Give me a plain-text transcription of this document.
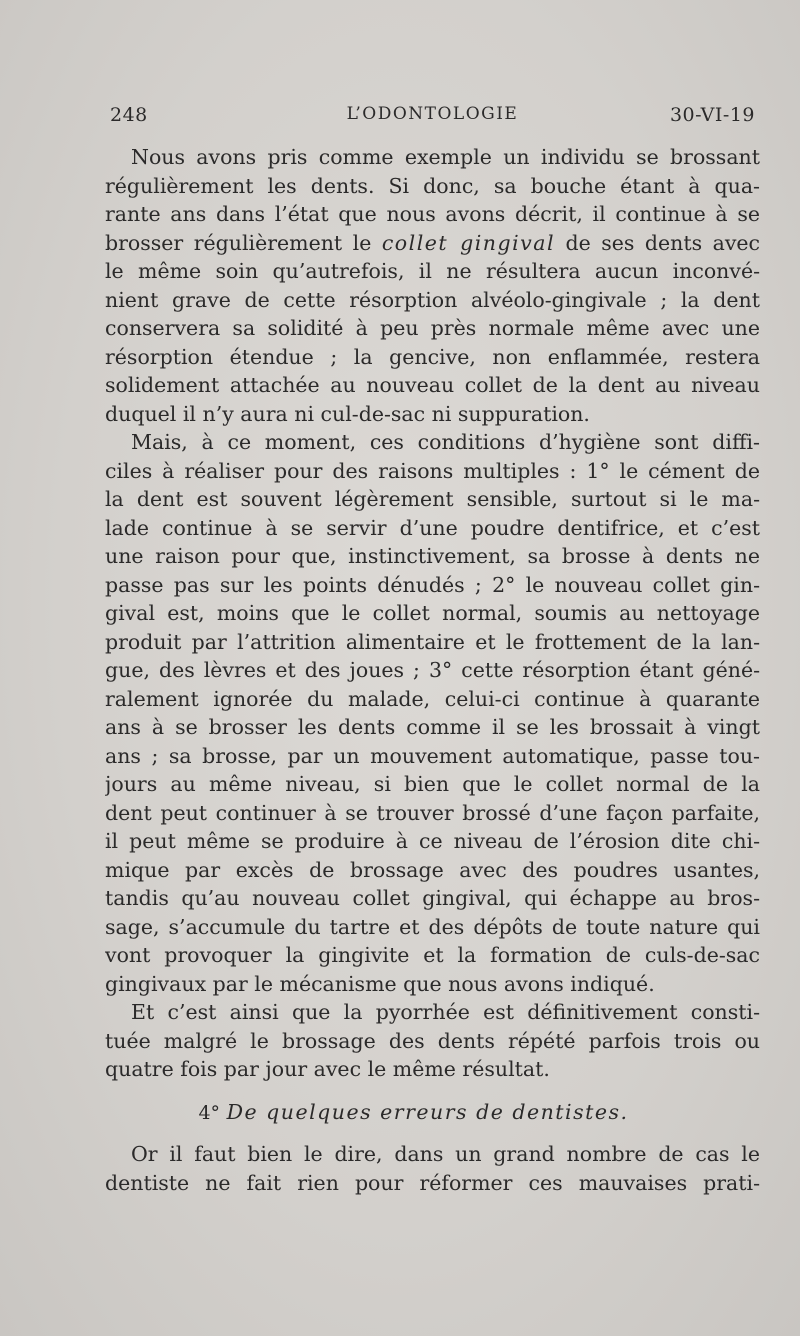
248	L’ODONTOLOGIE	30-VI-19
Nous avons pris comme exemple un individu se brossant
régulièrement les dents. Si donc, sa bouche étant à qua-
rante ans dans l’état que nous avons décrit, il continue à se
brosser régulièrement le collet gingival de ses dents avec
le même soin qu’autrefois, il ne résultera aucun inconvé-
nient grave de cette résorption alvéolo-gingivale ; la dent
conservera sa solidité à peu près normale même avec une
résorption étendue ; la gencive, non enflammée, restera
solidement attachée au nouveau collet de la dent au niveau
duquel il n’y aura ni cul-de-sac ni suppuration.
Mais, à ce moment, ces conditions d’hygiène sont diffi-
ciles à réaliser pour des raisons multiples : 1° le cément de
la dent est souvent légèrement sensible, surtout si le ma-
lade continue à se servir d’une poudre dentifrice, et c’est
une raison pour que, instinctivement, sa brosse à dents ne
passe pas sur les points dénudés ; 2° le nouveau collet gin-
gival est, moins que le collet normal, soumis au nettoyage
produit par l’attrition alimentaire et le frottement de la lan-
gue, des lèvres et des joues ; 3° cette résorption étant géné-
ralement ignorée du malade, celui-ci continue à quarante
ans à se brosser les dents comme il se les brossait à vingt
ans ; sa brosse, par un mouvement automatique, passe tou-
jours au même niveau, si bien que le collet normal de la
dent peut continuer à se trouver brossé d’une façon parfaite,
il peut même se produire à ce niveau de l’érosion dite chi-
mique par excès de brossage avec des poudres usantes,
tandis qu’au nouveau collet gingival, qui échappe au bros-
sage, s’accumule du tartre et des dépôts de toute nature qui
vont provoquer la gingivite et la formation de culs-de-sac
gingivaux par le mécanisme que nous avons indiqué.
Et c’est ainsi que la pyorrhée est définitivement consti-
tuée malgré le brossage des dents répété parfois trois ou
quatre fois par jour avec le même résultat.
4° De quelques erreurs de dentistes.
Or il faut bien le dire, dans un grand nombre de cas le
dentiste ne fait rien pour réformer ces mauvaises prati-
